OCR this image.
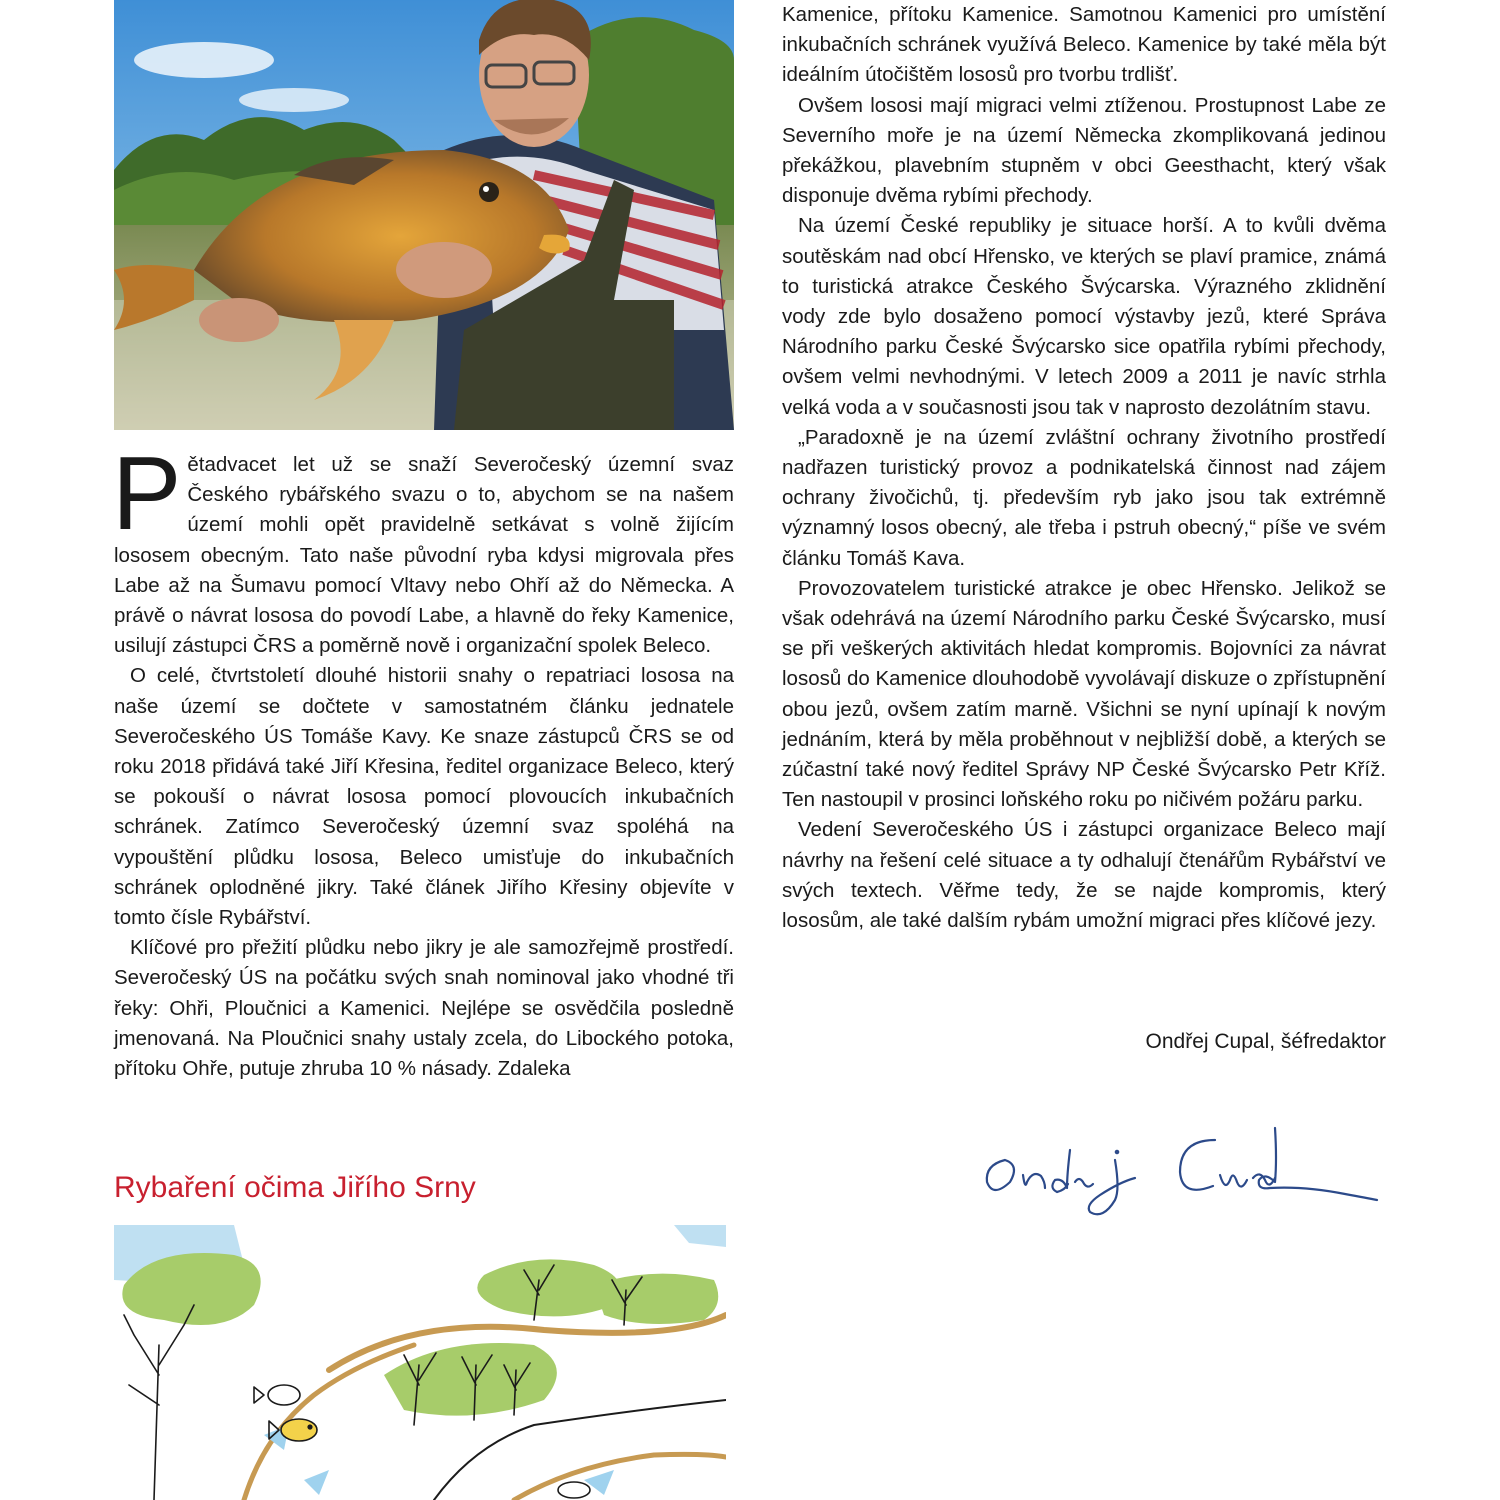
Pětadvacet let už se snaží Severočeský územní svaz Českého rybářského svazu o to, abychom se na našem území mohli opět pravidelně setkávat s volně žijícím lososem obecným. Tato naše původní ryba kdysi migrovala přes Labe až na Šumavu pomocí Vltavy nebo Ohří až do Německa. A právě o návrat lososa do povodí Labe, a hlavně do řeky Kamenice, usilují zástupci ČRS a poměrně nově i organizační spolek Beleco.

O celé, čtvrtstoletí dlouhé historii snahy o repatriaci lososa na naše území se dočtete v samostatném článku jednatele Severočeského ÚS Tomáše Kavy. Ke snaze zástupců ČRS se od roku 2018 přidává také Jiří Křesina, ředitel organizace Beleco, který se pokouší o návrat lososa pomocí plovoucích inkubačních schránek. Zatímco Severočeský územní svaz spoléhá na vypouštění plůdku lososa, Beleco umisťuje do inkubačních schránek oplodněné jikry. Také článek Jiřího Křesiny objevíte v tomto čísle Rybářství.

Klíčové pro přežití plůdku nebo jikry je ale samozřejmě prostředí. Severočeský ÚS na počátku svých snah nominoval jako vhodné tři řeky: Ohři, Ploučnici a Kamenici. Nejlépe se osvědčila posledně jmenovaná. Na Ploučnici snahy ustaly zcela, do Libockého potoka, přítoku Ohře, putuje zhruba 10 % násady. Zdaleka

Kamenice, přítoku Kamenice. Samotnou Kamenici pro umístění inkubačních schránek využívá Beleco. Kamenice by také měla být ideálním útočištěm lososů pro tvorbu trdlišť.

Ovšem lososi mají migraci velmi ztíženou. Prostupnost Labe ze Severního moře je na území Německa zkomplikovaná jedinou překážkou, plavebním stupněm v obci Geesthacht, který však disponuje dvěma rybími přechody.

Na území České republiky je situace horší. A to kvůli dvěma soutěskám nad obcí Hřensko, ve kterých se plaví pramice, známá to turistická atrakce Českého Švýcarska. Výrazného zklidnění vody zde bylo dosaženo pomocí výstavby jezů, které Správa Národního parku České Švýcarsko sice opatřila rybími přechody, ovšem velmi nevhodnými. V letech 2009 a 2011 je navíc strhla velká voda a v současnosti jsou tak v naprosto dezolátním stavu.

„Paradoxně je na území zvláštní ochrany životního prostředí nadřazen turistický provoz a podnikatelská činnost nad zájem ochrany živočichů, tj. především ryb jako jsou tak extrémně významný losos obecný, ale třeba i pstruh obecný,“ píše ve svém článku Tomáš Kava.

Provozovatelem turistické atrakce je obec Hřensko. Jelikož se však odehrává na území Národního parku České Švýcarsko, musí se při veškerých aktivitách hledat kompromis. Bojovníci za návrat lososů do Kamenice dlouhodobě vyvolávají diskuze o zpřístupnění obou jezů, ovšem zatím marně. Všichni se nyní upínají k novým jednáním, která by měla proběhnout v nejbližší době, a kterých se zúčastní také nový ředitel Správy NP České Švýcarsko Petr Kříž. Ten nastoupil v prosinci loňského roku po ničivém požáru parku.

Vedení Severočeského ÚS i zástupci organizace Beleco mají návrhy na řešení celé situace a ty odhalují čtenářům Rybářství ve svých textech. Věřme tedy, že se najde kompromis, který lososům, ale také dalším rybám umožní migraci přes klíčové jezy.

Ondřej Cupal, šéfredaktor
Rybaření očima Jiřího Srny
